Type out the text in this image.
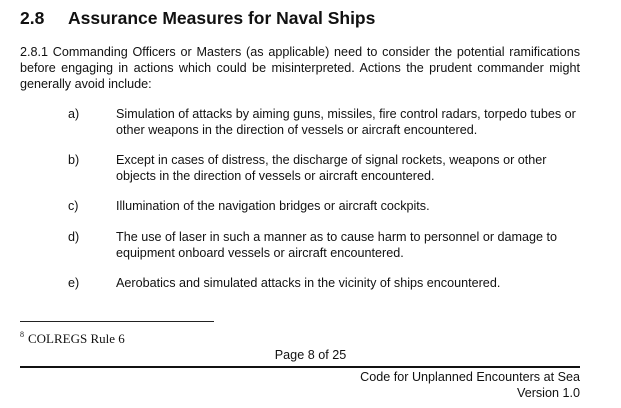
2.8 Assurance Measures for Naval Ships
2.8.1 Commanding Officers or Masters (as applicable) need to consider the potential ramifications before engaging in actions which could be misinterpreted. Actions the prudent commander might generally avoid include:
a)	Simulation of attacks by aiming guns, missiles, fire control radars, torpedo tubes or other weapons in the direction of vessels or aircraft encountered.
b)	Except in cases of distress, the discharge of signal rockets, weapons or other objects in the direction of vessels or aircraft encountered.
c)	Illumination of the navigation bridges or aircraft cockpits.
d)	The use of laser in such a manner as to cause harm to personnel or damage to equipment onboard vessels or aircraft encountered.
e)	Aerobatics and simulated attacks in the vicinity of ships encountered.
$^8$ COLREGS Rule 6
Page 8 of 25
Code for Unplanned Encounters at Sea
Version 1.0
